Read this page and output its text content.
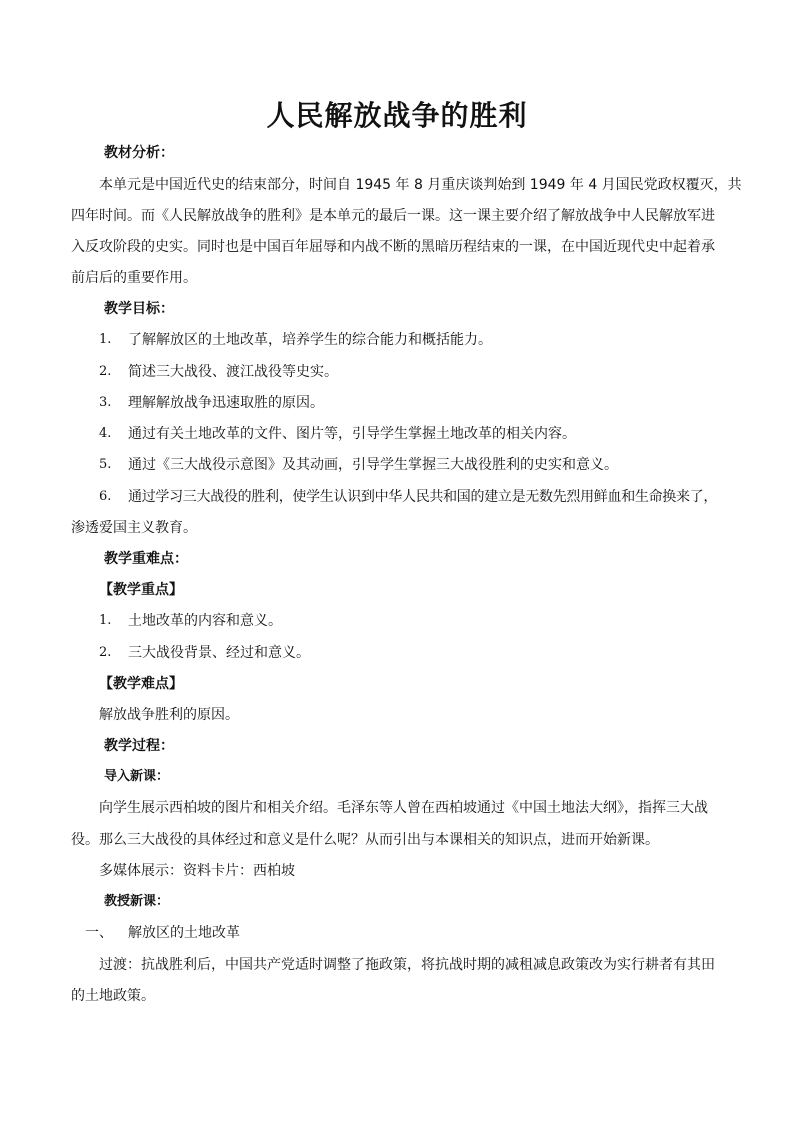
人民解放战争的胜利
教材分析：
本单元是中国近代史的结束部分，时间自 1945 年 8 月重庆谈判始到 1949 年 4 月国民党政权覆灭，共
四年时间。而《人民解放战争的胜利》是本单元的最后一课。这一课主要介绍了解放战争中人民解放军进
入反攻阶段的史实。同时也是中国百年屈辱和内战不断的黑暗历程结束的一课，在中国近现代史中起着承
前启后的重要作用。
教学目标：
1. 了解解放区的土地改革，培养学生的综合能力和概括能力。
2. 简述三大战役、渡江战役等史实。
3. 理解解放战争迅速取胜的原因。
4. 通过有关土地改革的文件、图片等，引导学生掌握土地改革的相关内容。
5. 通过《三大战役示意图》及其动画，引导学生掌握三大战役胜利的史实和意义。
6. 通过学习三大战役的胜利，使学生认识到中华人民共和国的建立是无数先烈用鲜血和生命换来了，
渗透爱国主义教育。
教学重难点：
【教学重点】
1. 土地改革的内容和意义。
2. 三大战役背景、经过和意义。
【教学难点】
解放战争胜利的原因。
教学过程：
导入新课：
向学生展示西柏坡的图片和相关介绍。毛泽东等人曾在西柏坡通过《中国土地法大纲》，指挥三大战
役。那么三大战役的具体经过和意义是什么呢？从而引出与本课相关的知识点，进而开始新课。
多媒体展示：资料卡片：西柏坡
教授新课：
一、 解放区的土地改革
过渡：抗战胜利后，中国共产党适时调整了拖政策，将抗战时期的减租减息政策改为实行耕者有其田
的土地政策。
